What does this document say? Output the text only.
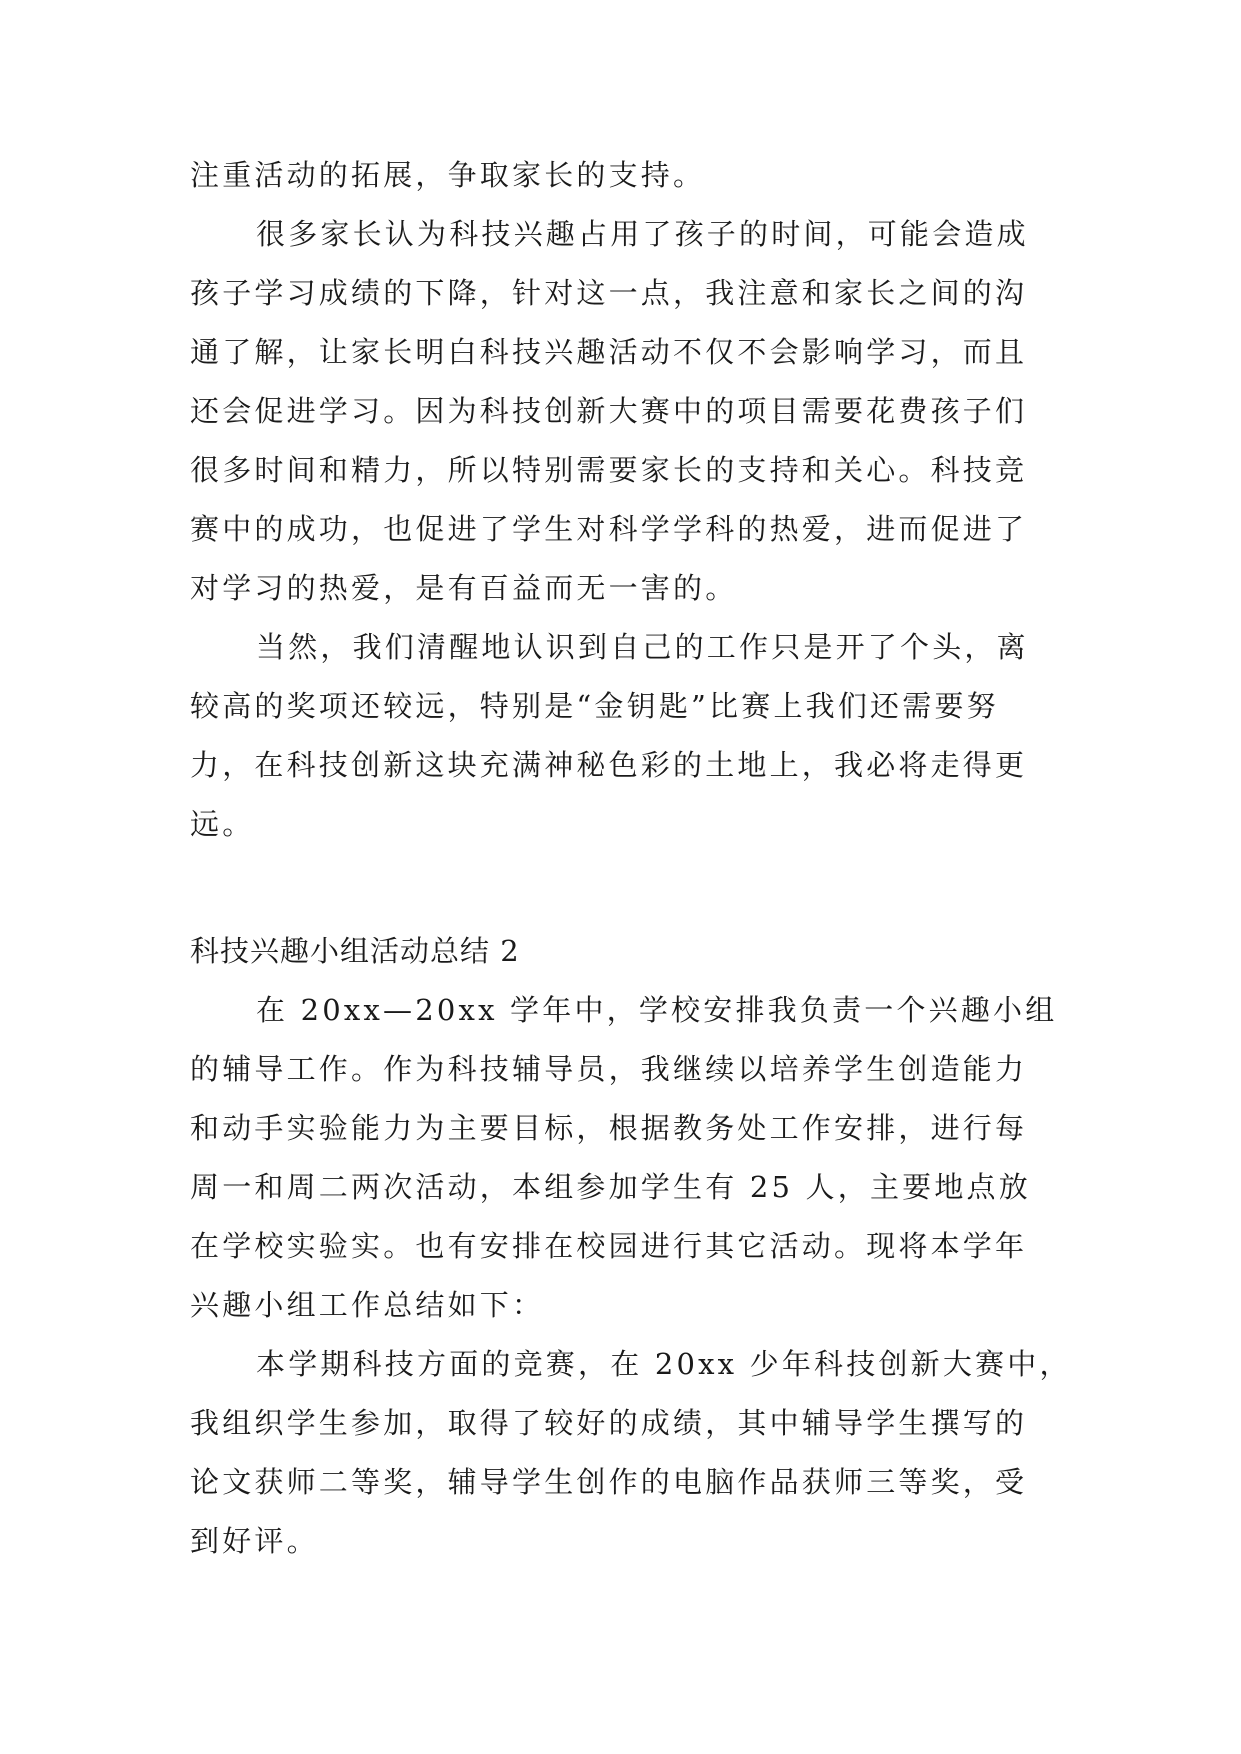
注重活动的拓展，争取家长的支持。
很多家长认为科技兴趣占用了孩子的时间，可能会造成
孩子学习成绩的下降，针对这一点，我注意和家长之间的沟
通了解，让家长明白科技兴趣活动不仅不会影响学习，而且
还会促进学习。因为科技创新大赛中的项目需要花费孩子们
很多时间和精力，所以特别需要家长的支持和关心。科技竞
赛中的成功，也促进了学生对科学学科的热爱，进而促进了
对学习的热爱，是有百益而无一害的。
当然，我们清醒地认识到自己的工作只是开了个头，离
较高的奖项还较远，特别是“金钥匙”比赛上我们还需要努
力，在科技创新这块充满神秘色彩的土地上，我必将走得更
远。
科技兴趣小组活动总结 2
在 20xx—20xx 学年中，学校安排我负责一个兴趣小组
的辅导工作。作为科技辅导员，我继续以培养学生创造能力
和动手实验能力为主要目标，根据教务处工作安排，进行每
周一和周二两次活动，本组参加学生有 25 人，主要地点放
在学校实验实。也有安排在校园进行其它活动。现将本学年
兴趣小组工作总结如下：
本学期科技方面的竞赛，在 20xx 少年科技创新大赛中，
我组织学生参加，取得了较好的成绩，其中辅导学生撰写的
论文获师二等奖，辅导学生创作的电脑作品获师三等奖，受
到好评。
